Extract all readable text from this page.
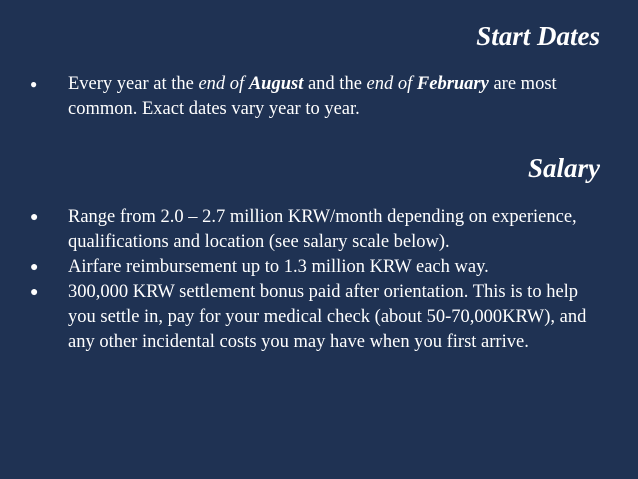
Start Dates
● Every year at the end of August and the end of February are most common. Exact dates vary year to year.
Salary
● Range from 2.0 – 2.7 million KRW/month depending on experience, qualifications and location (see salary scale below).
● Airfare reimbursement up to 1.3 million KRW each way.
● 300,000 KRW settlement bonus paid after orientation. This is to help you settle in, pay for your medical check (about 50-70,000KRW), and any other incidental costs you may have when you first arrive.
